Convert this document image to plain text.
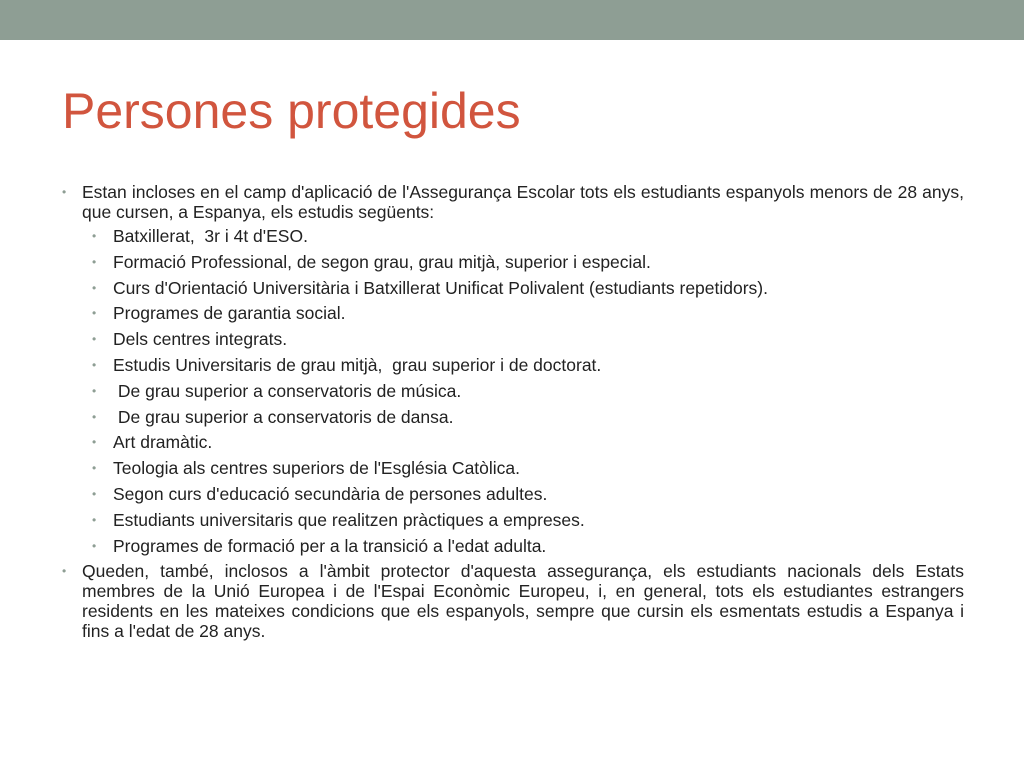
Persones protegides

• Estan incloses en el camp d'aplicació de l'Assegurança Escolar tots els estudiants espanyols menors de 28 anys, que cursen, a Espanya, els estudis següents:

• Batxillerat,  3r i 4t d'ESO.

• Formació Professional, de segon grau, grau mitjà, superior i especial.

• Curs d'Orientació Universitària i Batxillerat Unificat Polivalent (estudiants repetidors).

• Programes de garantia social.

• Dels centres integrats.

• Estudis Universitaris de grau mitjà,  grau superior i de doctorat.

• De grau superior a conservatoris de música.

• De grau superior a conservatoris de dansa.

• Art dramàtic.

• Teologia als centres superiors de l'Església Catòlica.

• Segon curs d'educació secundària de persones adultes.

• Estudiants universitaris que realitzen pràctiques a empreses.

• Programes de formació per a la transició a l'edat adulta.

• Queden, també, inclosos a l'àmbit protector d'aquesta assegurança, els estudiants nacionals dels Estats membres de la Unió Europea i de l'Espai Econòmic Europeu, i, en general, tots els estudiantes estrangers residents en les mateixes condicions que els espanyols, sempre que cursin els esmentats estudis a Espanya i fins a l'edat de 28 anys.
